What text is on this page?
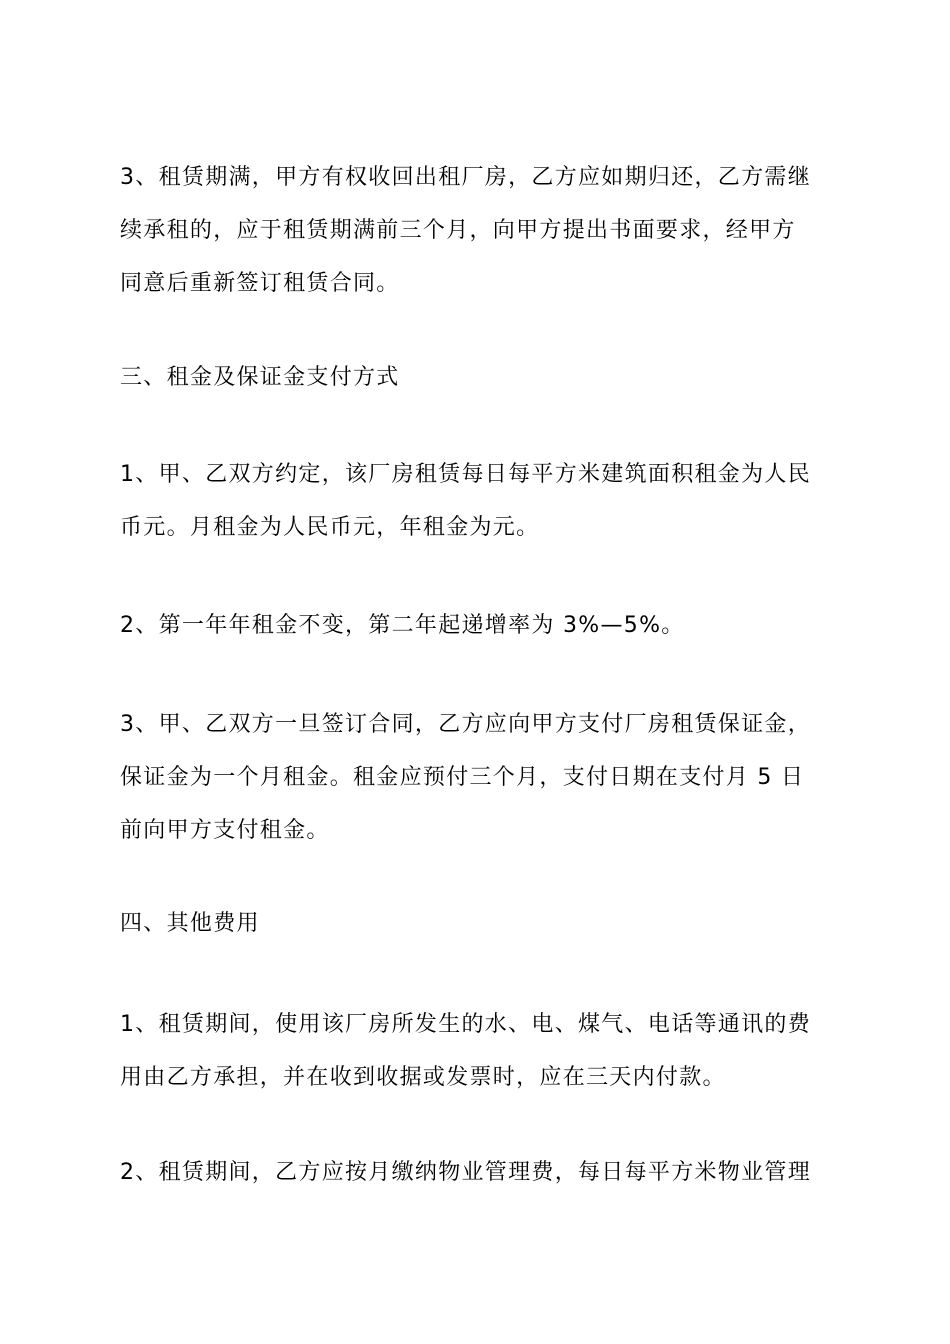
3、租赁期满，甲方有权收回出租厂房，乙方应如期归还，乙方需继
续承租的，应于租赁期满前三个月，向甲方提出书面要求，经甲方
同意后重新签订租赁合同。
三、租金及保证金支付方式
1、甲、乙双方约定，该厂房租赁每日每平方米建筑面积租金为人民
币元。月租金为人民币元，年租金为元。
2、第一年年租金不变，第二年起递增率为 3%—5%。
3、甲、乙双方一旦签订合同，乙方应向甲方支付厂房租赁保证金，
保证金为一个月租金。租金应预付三个月，支付日期在支付月 5 日
前向甲方支付租金。
四、其他费用
1、租赁期间，使用该厂房所发生的水、电、煤气、电话等通讯的费
用由乙方承担，并在收到收据或发票时，应在三天内付款。
2、租赁期间，乙方应按月缴纳物业管理费，每日每平方米物业管理
